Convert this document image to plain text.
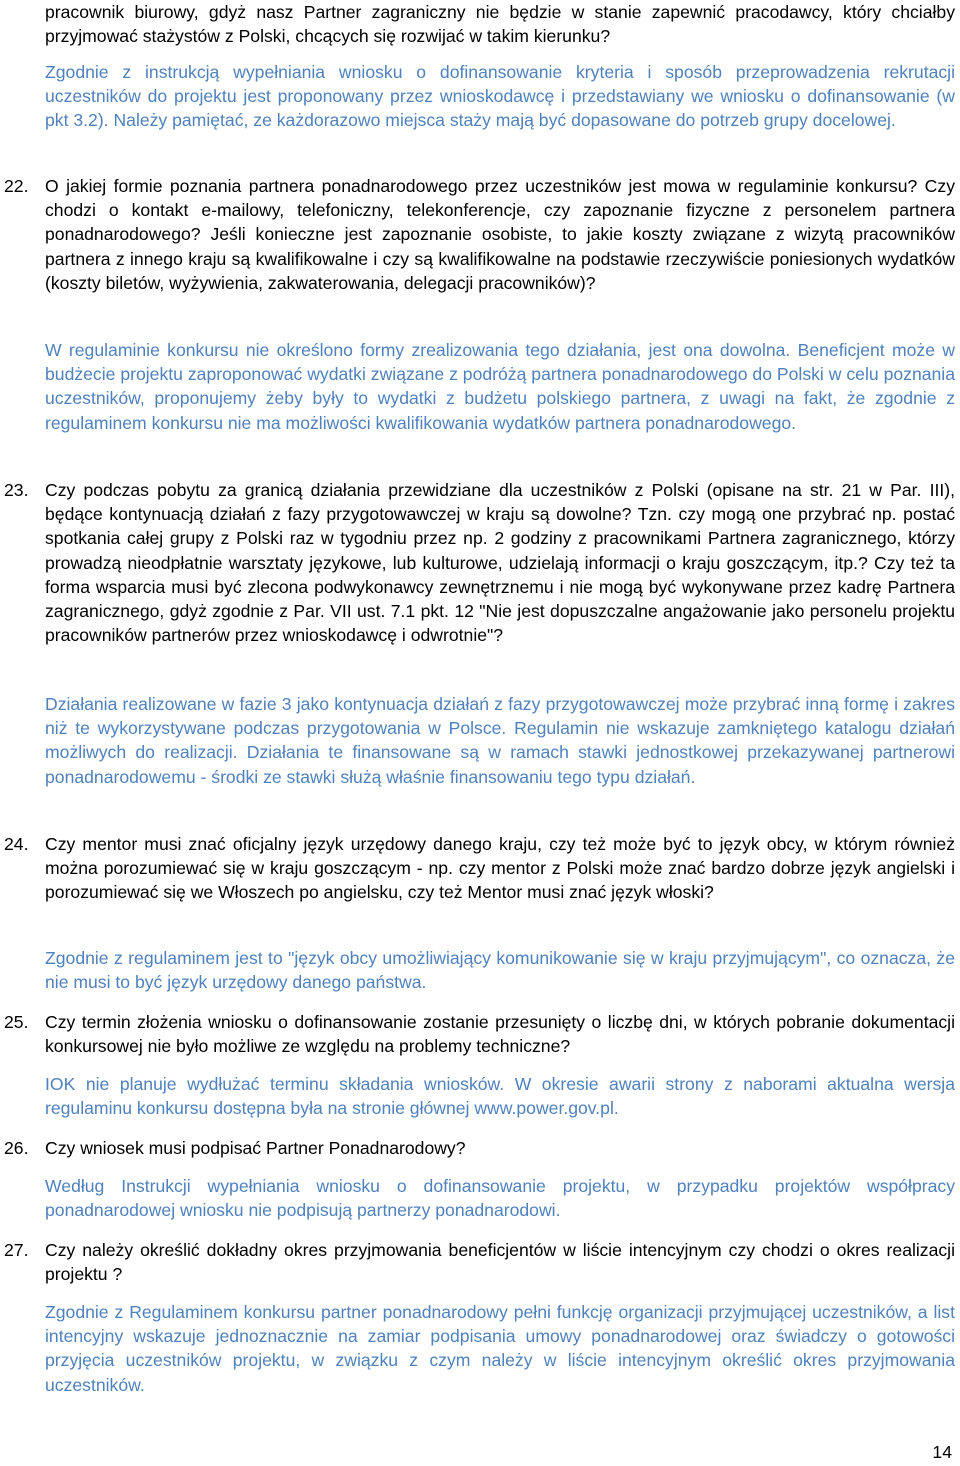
pracownik biurowy, gdyż nasz Partner zagraniczny nie będzie w stanie zapewnić pracodawcy, który chciałby przyjmować stażystów z Polski, chcących się rozwijać w takim kierunku?

Zgodnie z instrukcją wypełniania wniosku o dofinansowanie kryteria i sposób przeprowadzenia rekrutacji uczestników do projektu jest proponowany przez wnioskodawcę i przedstawiany we wniosku o dofinansowanie (w pkt 3.2). Należy pamiętać, ze każdorazowo miejsca staży mają być dopasowane do potrzeb grupy docelowej.

22. O jakiej formie poznania partnera ponadnarodowego przez uczestników jest mowa w regulaminie konkursu? Czy chodzi o kontakt e-mailowy, telefoniczny, telekonferencje, czy zapoznanie fizyczne z personelem partnera ponadnarodowego? Jeśli konieczne jest zapoznanie osobiste, to jakie koszty związane z wizytą pracowników partnera z innego kraju są kwalifikowalne i czy są kwalifikowalne na podstawie rzeczywiście poniesionych wydatków (koszty biletów, wyżywienia, zakwaterowania, delegacji pracowników)?

W regulaminie konkursu nie określono formy zrealizowania tego działania, jest ona dowolna. Beneficjent może w budżecie projektu zaproponować wydatki związane z podróżą partnera ponadnarodowego do Polski w celu poznania uczestników, proponujemy żeby były to wydatki z budżetu polskiego partnera, z uwagi na fakt, że zgodnie z regulaminem konkursu nie ma możliwości kwalifikowania wydatków partnera ponadnarodowego.

23. Czy podczas pobytu za granicą działania przewidziane dla uczestników z Polski (opisane na str. 21 w Par. III), będące kontynuacją działań z fazy przygotowawczej w kraju są dowolne? Tzn. czy mogą one przybrać np. postać spotkania całej grupy z Polski raz w tygodniu przez np. 2 godziny z pracownikami Partnera zagranicznego, którzy prowadzą nieodpłatnie warsztaty językowe, lub kulturowe, udzielają informacji o kraju goszczącym, itp.? Czy też ta forma wsparcia musi być zlecona podwykonawcy zewnętrznemu i nie mogą być wykonywane przez kadrę Partnera zagranicznego, gdyż zgodnie z Par. VII ust. 7.1 pkt. 12 "Nie jest dopuszczalne angażowanie jako personelu projektu pracowników partnerów przez wnioskodawcę i odwrotnie"?

Działania realizowane w fazie 3 jako kontynuacja działań z fazy przygotowawczej może przybrać inną formę i zakres niż te wykorzystywane podczas przygotowania w Polsce. Regulamin nie wskazuje zamkniętego katalogu działań możliwych do realizacji. Działania te finansowane są w ramach stawki jednostkowej przekazywanej partnerowi ponadnarodowemu - środki ze stawki służą właśnie finansowaniu tego typu działań.

24. Czy mentor musi znać oficjalny język urzędowy danego kraju, czy też może być to język obcy, w którym również można porozumiewać się w kraju goszczącym - np. czy mentor z Polski może znać bardzo dobrze język angielski i porozumiewać się we Włoszech po angielsku, czy też Mentor musi znać język włoski?

Zgodnie z regulaminem jest to "język obcy umożliwiający komunikowanie się w kraju przyjmującym", co oznacza, że nie musi to być język urzędowy danego państwa.

25. Czy termin złożenia wniosku o dofinansowanie zostanie przesunięty o liczbę dni, w których pobranie dokumentacji konkursowej nie było możliwe ze względu na problemy techniczne?

IOK nie planuje wydłużać terminu składania wniosków. W okresie awarii strony z naborami aktualna wersja regulaminu konkursu dostępna była na stronie głównej www.power.gov.pl.

26. Czy wniosek musi podpisać Partner Ponadnarodowy?

Według Instrukcji wypełniania wniosku o dofinansowanie projektu, w przypadku projektów współpracy ponadnarodowej wniosku nie podpisują partnerzy ponadnarodowi.

27. Czy należy określić dokładny okres przyjmowania beneficjentów w liście intencyjnym czy chodzi o okres realizacji projektu ?

Zgodnie z Regulaminem konkursu partner ponadnarodowy pełni funkcję organizacji przyjmującej uczestników, a list intencyjny wskazuje jednoznacznie na zamiar podpisania umowy ponadnarodowej oraz świadczy o gotowości przyjęcia uczestników projektu, w związku z czym należy w liście intencyjnym określić okres przyjmowania uczestników.

14
